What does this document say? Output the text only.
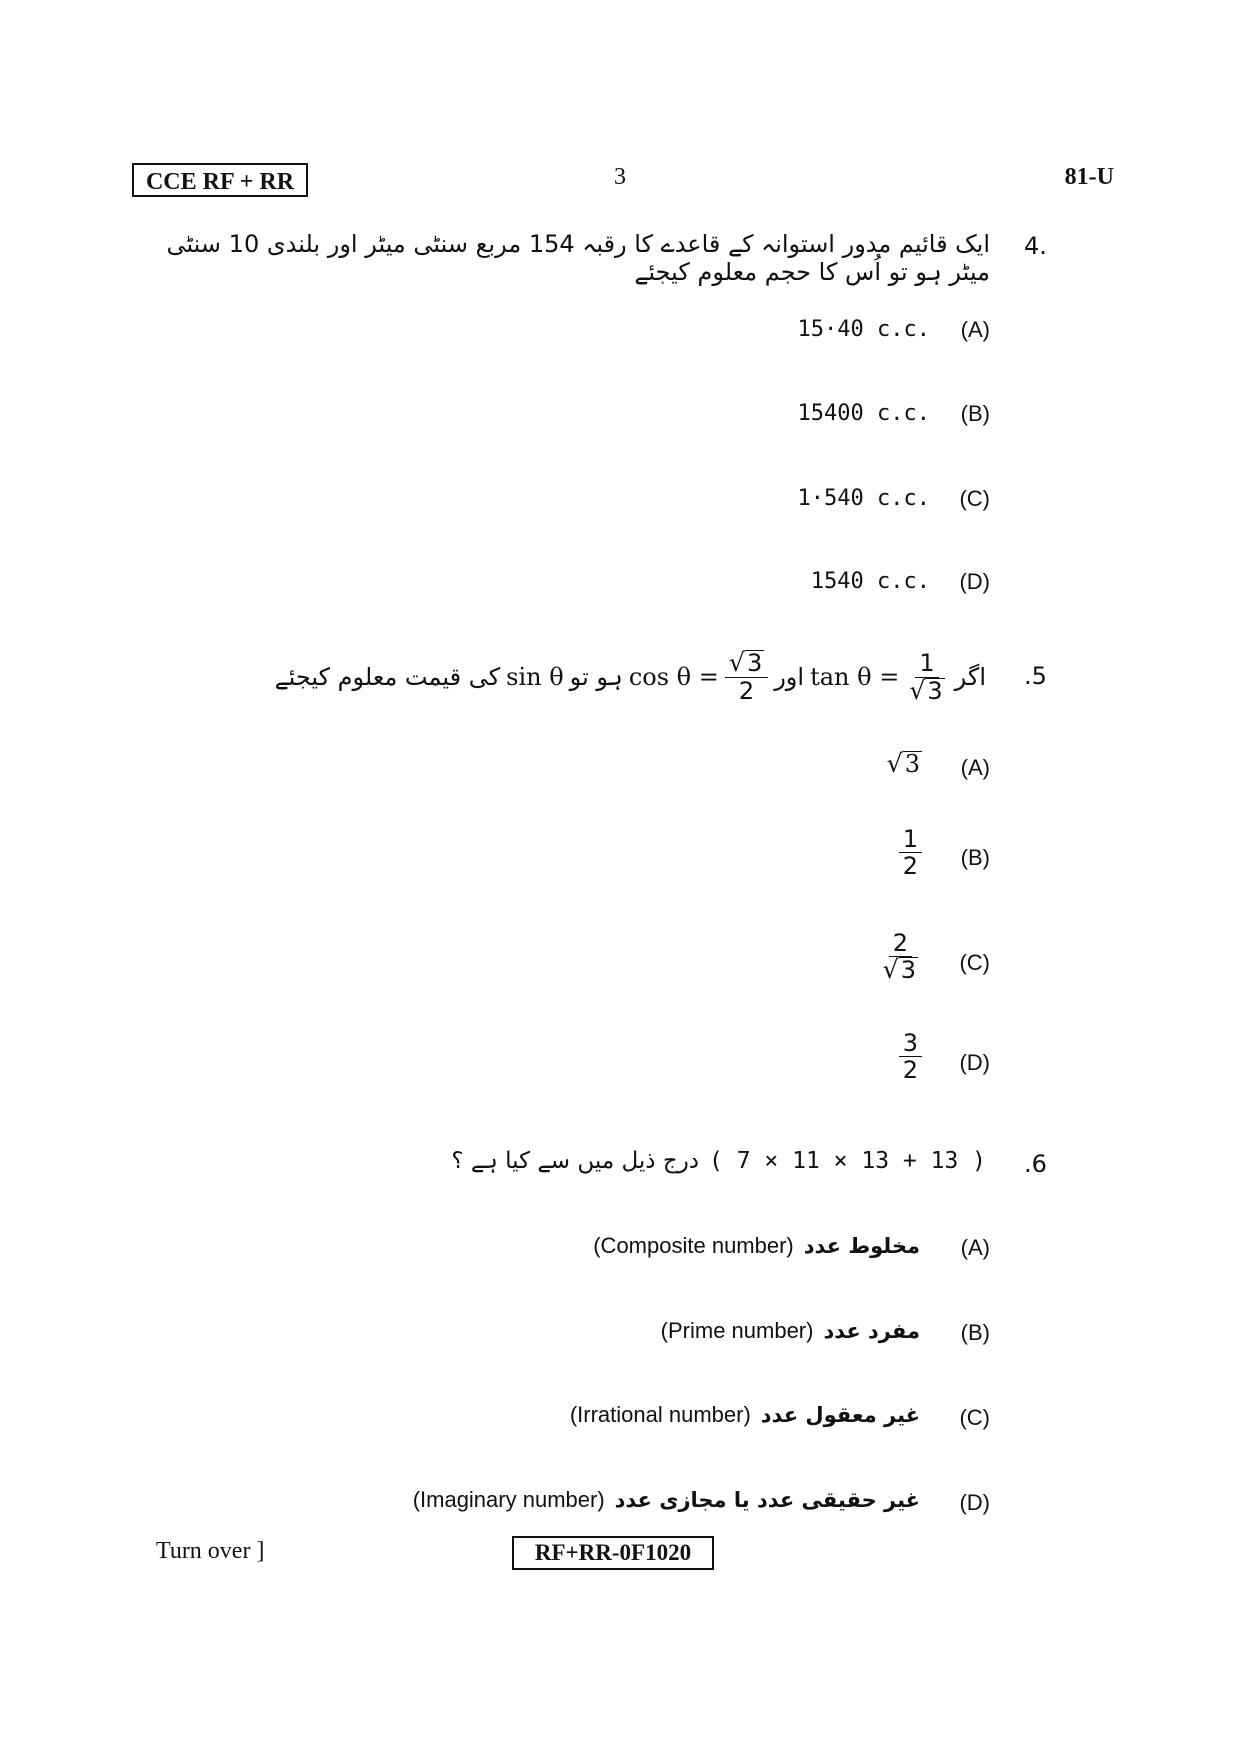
CCE RF + RR	3	81-U
4.
ایک قائیم مدور استوانہ کے قاعدے کا رقبہ 154 مربع سنٹی میٹر اور بلندی 10 سنٹی میٹر ہو تو اُس کا حجم معلوم کیجئے
15·40 c.c.	(A)
15400 c.c.	(B)
1·540 c.c.	(C)
1540 c.c.	(D)
.5
کی قیمت معلوم کیجئے sin θ ہو تو $\cos \theta = \frac{√ 3}{2}$ اور $\tan \theta = \frac{1}{√ 3}$ اگر
√ 3	(A)
$\frac{1}{2}$	(B)
$\frac{2}{√ 3}$	(C)
$\frac{3}{2}$	(D)
.6
درج ذیل میں سے کیا ہے ؟ ( 7 × 11 × 13 + 13 )
(Composite number) مخلوط عدد	(A)
(Prime number) مفرد عدد	(B)
(Irrational number) غیر معقول عدد	(C)
(Imaginary number) غیر حقیقی عدد یا مجازی عدد	(D)
Turn over ]	RF+RR-0F1020
